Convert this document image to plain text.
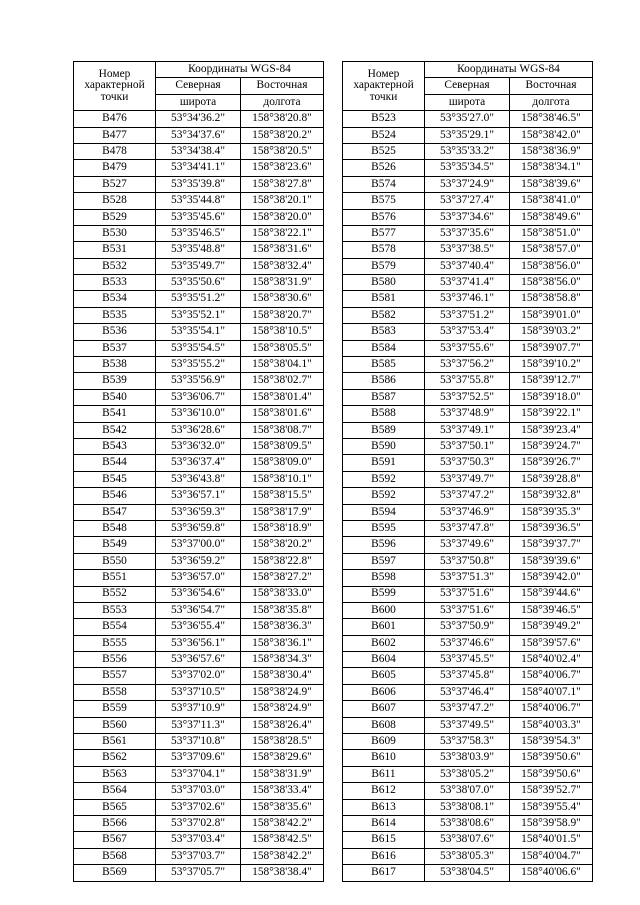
Номер
характерной
точки	Координаты WGS-84	
	Северная	Восточная
	широта	долгота
B476	53°34'36.2"	158°38'20.8"
B477	53°34'37.6"	158°38'20.2"
B478	53°34'38.4"	158°38'20.5"
B479	53°34'41.1"	158°38'23.6"
B527	53°35'39.8"	158°38'27.8"
B528	53°35'44.8"	158°38'20.1"
B529	53°35'45.6"	158°38'20.0"
B530	53°35'46.5"	158°38'22.1"
B531	53°35'48.8"	158°38'31.6"
B532	53°35'49.7"	158°38'32.4"
B533	53°35'50.6"	158°38'31.9"
B534	53°35'51.2"	158°38'30.6"
B535	53°35'52.1"	158°38'20.7"
B536	53°35'54.1"	158°38'10.5"
B537	53°35'54.5"	158°38'05.5"
B538	53°35'55.2"	158°38'04.1"
B539	53°35'56.9"	158°38'02.7"
B540	53°36'06.7"	158°38'01.4"
B541	53°36'10.0"	158°38'01.6"
B542	53°36'28.6"	158°38'08.7"
B543	53°36'32.0"	158°38'09.5"
B544	53°36'37.4"	158°38'09.0"
B545	53°36'43.8"	158°38'10.1"
B546	53°36'57.1"	158°38'15.5"
B547	53°36'59.3"	158°38'17.9"
B548	53°36'59.8"	158°38'18.9"
B549	53°37'00.0"	158°38'20.2"
B550	53°36'59.2"	158°38'22.8"
B551	53°36'57.0"	158°38'27.2"
B552	53°36'54.6"	158°38'33.0"
B553	53°36'54.7"	158°38'35.8"
B554	53°36'55.4"	158°38'36.3"
B555	53°36'56.1"	158°38'36.1"
B556	53°36'57.6"	158°38'34.3"
B557	53°37'02.0"	158°38'30.4"
B558	53°37'10.5"	158°38'24.9"
B559	53°37'10.9"	158°38'24.9"
B560	53°37'11.3"	158°38'26.4"
B561	53°37'10.8"	158°38'28.5"
B562	53°37'09.6"	158°38'29.6"
B563	53°37'04.1"	158°38'31.9"
B564	53°37'03.0"	158°38'33.4"
B565	53°37'02.6"	158°38'35.6"
B566	53°37'02.8"	158°38'42.2"
B567	53°37'03.4"	158°38'42.5"
B568	53°37'03.7"	158°38'42.2"
B569	53°37'05.7"	158°38'38.4"
Номер
характерной
точки	Координаты WGS-84	
	Северная	Восточная
	широта	долгота
B523	53°35'27.0"	158°38'46.5"
B524	53°35'29.1"	158°38'42.0"
B525	53°35'33.2"	158°38'36.9"
B526	53°35'34.5"	158°38'34.1"
B574	53°37'24.9"	158°38'39.6"
B575	53°37'27.4"	158°38'41.0"
B576	53°37'34.6"	158°38'49.6"
B577	53°37'35.6"	158°38'51.0"
B578	53°37'38.5"	158°38'57.0"
B579	53°37'40.4"	158°38'56.0"
B580	53°37'41.4"	158°38'56.0"
B581	53°37'46.1"	158°38'58.8"
B582	53°37'51.2"	158°39'01.0"
B583	53°37'53.4"	158°39'03.2"
B584	53°37'55.6"	158°39'07.7"
B585	53°37'56.2"	158°39'10.2"
B586	53°37'55.8"	158°39'12.7"
B587	53°37'52.5"	158°39'18.0"
B588	53°37'48.9"	158°39'22.1"
B589	53°37'49.1"	158°39'23.4"
B590	53°37'50.1"	158°39'24.7"
B591	53°37'50.3"	158°39'26.7"
B592	53°37'49.7"	158°39'28.8"
B592	53°37'47.2"	158°39'32.8"
B594	53°37'46.9"	158°39'35.3"
B595	53°37'47.8"	158°39'36.5"
B596	53°37'49.6"	158°39'37.7"
B597	53°37'50.8"	158°39'39.6"
B598	53°37'51.3"	158°39'42.0"
B599	53°37'51.6"	158°39'44.6"
B600	53°37'51.6"	158°39'46.5"
B601	53°37'50.9"	158°39'49.2"
B602	53°37'46.6"	158°39'57.6"
B604	53°37'45.5"	158°40'02.4"
B605	53°37'45.8"	158°40'06.7"
B606	53°37'46.4"	158°40'07.1"
B607	53°37'47.2"	158°40'06.7"
B608	53°37'49.5"	158°40'03.3"
B609	53°37'58.3"	158°39'54.3"
B610	53°38'03.9"	158°39'50.6"
B611	53°38'05.2"	158°39'50.6"
B612	53°38'07.0"	158°39'52.7"
B613	53°38'08.1"	158°39'55.4"
B614	53°38'08.6"	158°39'58.9"
B615	53°38'07.6"	158°40'01.5"
B616	53°38'05.3"	158°40'04.7"
B617	53°38'04.5"	158°40'06.6"
